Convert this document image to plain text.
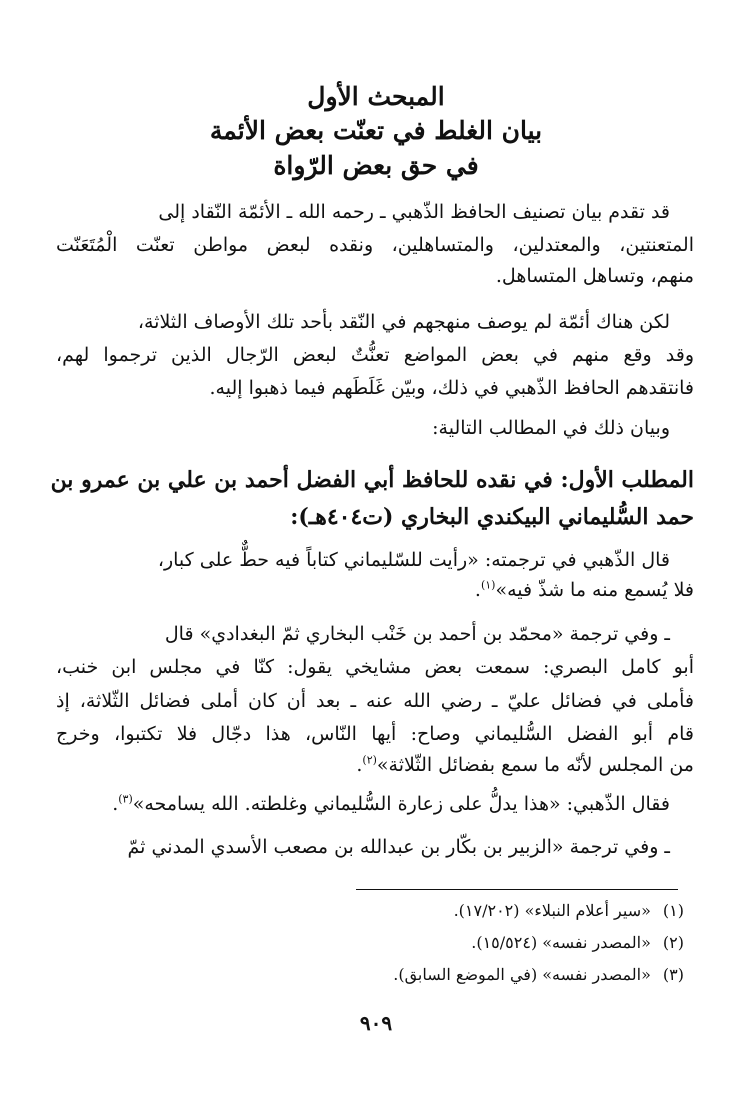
المبحث الأول
بيان الغلط في تعنّت بعض الأئمة
في حق بعض الرّواة
قد تقدم بيان تصنيف الحافظ الذّهبي ـ رحمه الله ـ الأئمّة النّقاد إلى
المتعنتين، والمعتدلين، والمتساهلين، ونقده لبعض مواطن تعنّت الْمُتَعَنّت
منهم، وتساهل المتساهل.
لكن هناك أئمّة لم يوصف منهجهم في النّقد بأحد تلك الأوصاف الثلاثة،
وقد وقع منهم في بعض المواضع تعنُّتٌ لبعض الرّجال الذين ترجموا لهم،
فانتقدهم الحافظ الذّهبي في ذلك، وبيّن غَلَطَهم فيما ذهبوا إليه.
وبيان ذلك في المطالب التالية:
المطلب الأول: في نقده للحافظ أبي الفضل أحمد بن علي بن عمرو بن
حمد السُّليماني البيكندي البخاري (ت٤٠٤هـ):
قال الذّهبي في ترجمته: «رأيت للسّليماني كتاباً فيه حطٌّ على كبار،
فلا يُسمع منه ما شذّ فيه»$^{(١)}$.
ـ وفي ترجمة «محمّد بن أحمد بن خَنْب البخاري ثمّ البغدادي» قال
أبو كامل البصري: سمعت بعض مشايخي يقول: كنّا في مجلس ابن خنب،
فأملى في فضائل عليّ ـ رضي الله عنه ـ بعد أن كان أملى فضائل الثّلاثة، إذ
قام أبو الفضل السُّليماني وصاح: أيها النّاس، هذا دجّال فلا تكتبوا، وخرج
من المجلس لأنّه ما سمع بفضائل الثّلاثة»$^{(٢)}$.
فقال الذّهبي: «هذا يدلُّ على زعارة السُّليماني وغلطته. الله يسامحه»$^{(٣)}$.
ـ وفي ترجمة «الزبير بن بكّار بن عبدالله بن مصعب الأسدي المدني ثمّ
(١)«سير أعلام النبلاء» (١٧/٢٠٢).
(٢)«المصدر نفسه» (١٥/٥٢٤).
(٣)«المصدر نفسه» (في الموضع السابق).
٩٠٩
